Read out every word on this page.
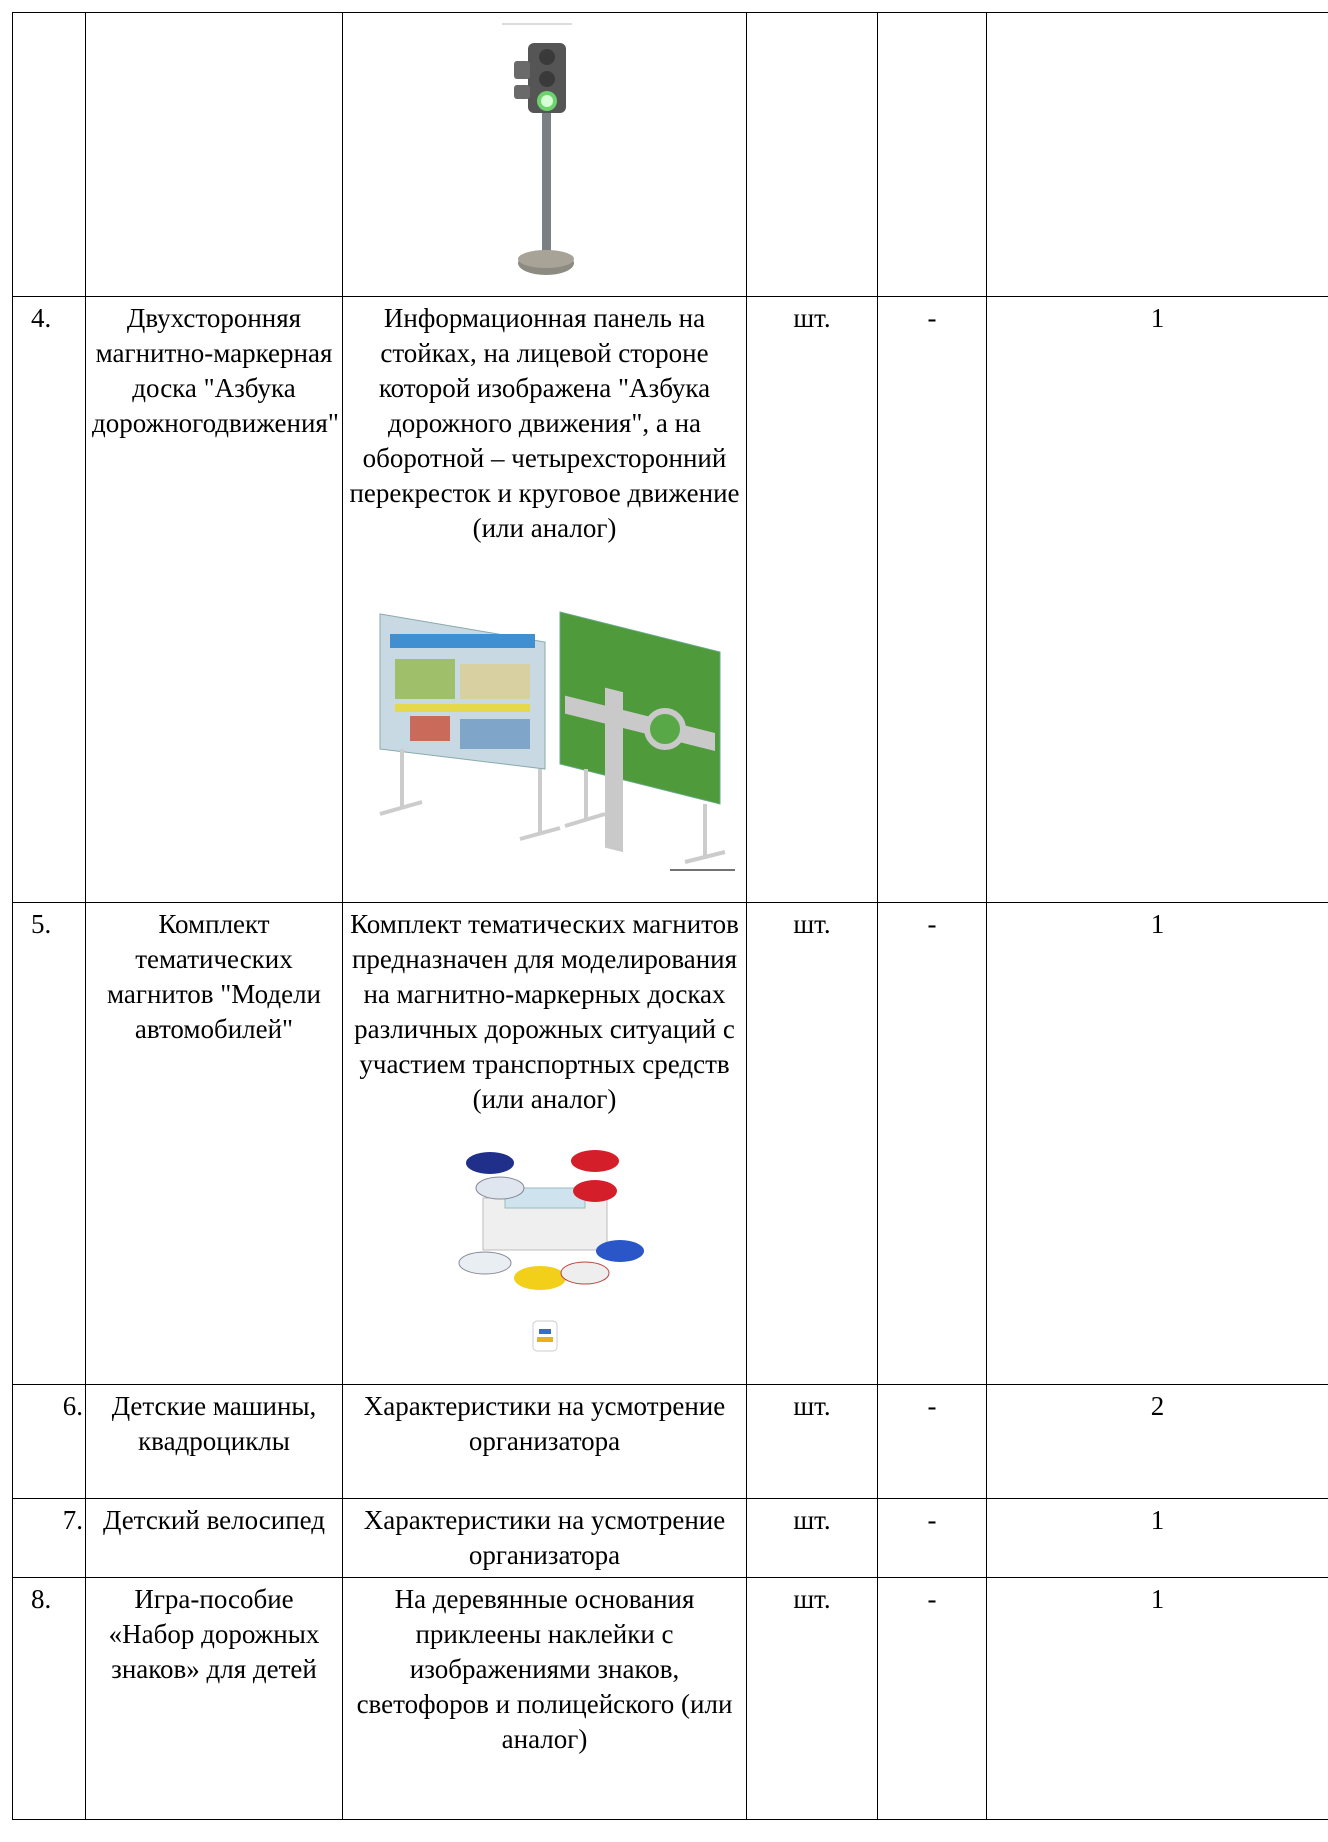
4.	Двухсторонняя магнитно-маркерная доска "Азбука дорожногодвижения"	Информационная панель на стойках, на лицевой стороне которой изображена "Азбука дорожного движения", а на оборотной – четырехсторонний перекресток и круговое движение (или аналог)	шт.	-	1
5.	Комплект тематических магнитов "Модели автомобилей"	Комплект тематических магнитов предназначен для моделирования на магнитно-маркерных досках различных дорожных ситуаций с участием транспортных средств (или аналог)	шт.	-	1
6.	Детские машины, квадроциклы	Характеристики на усмотрение организатора	шт.	-	2
7.	Детский велосипед	Характеристики на усмотрение организатора	шт.	-	1
8.	Игра-пособие «Набор дорожных знаков» для детей	На деревянные основания приклеены наклейки с изображениями знаков, светофоров и полицейского (или аналог)	шт.	-	1
